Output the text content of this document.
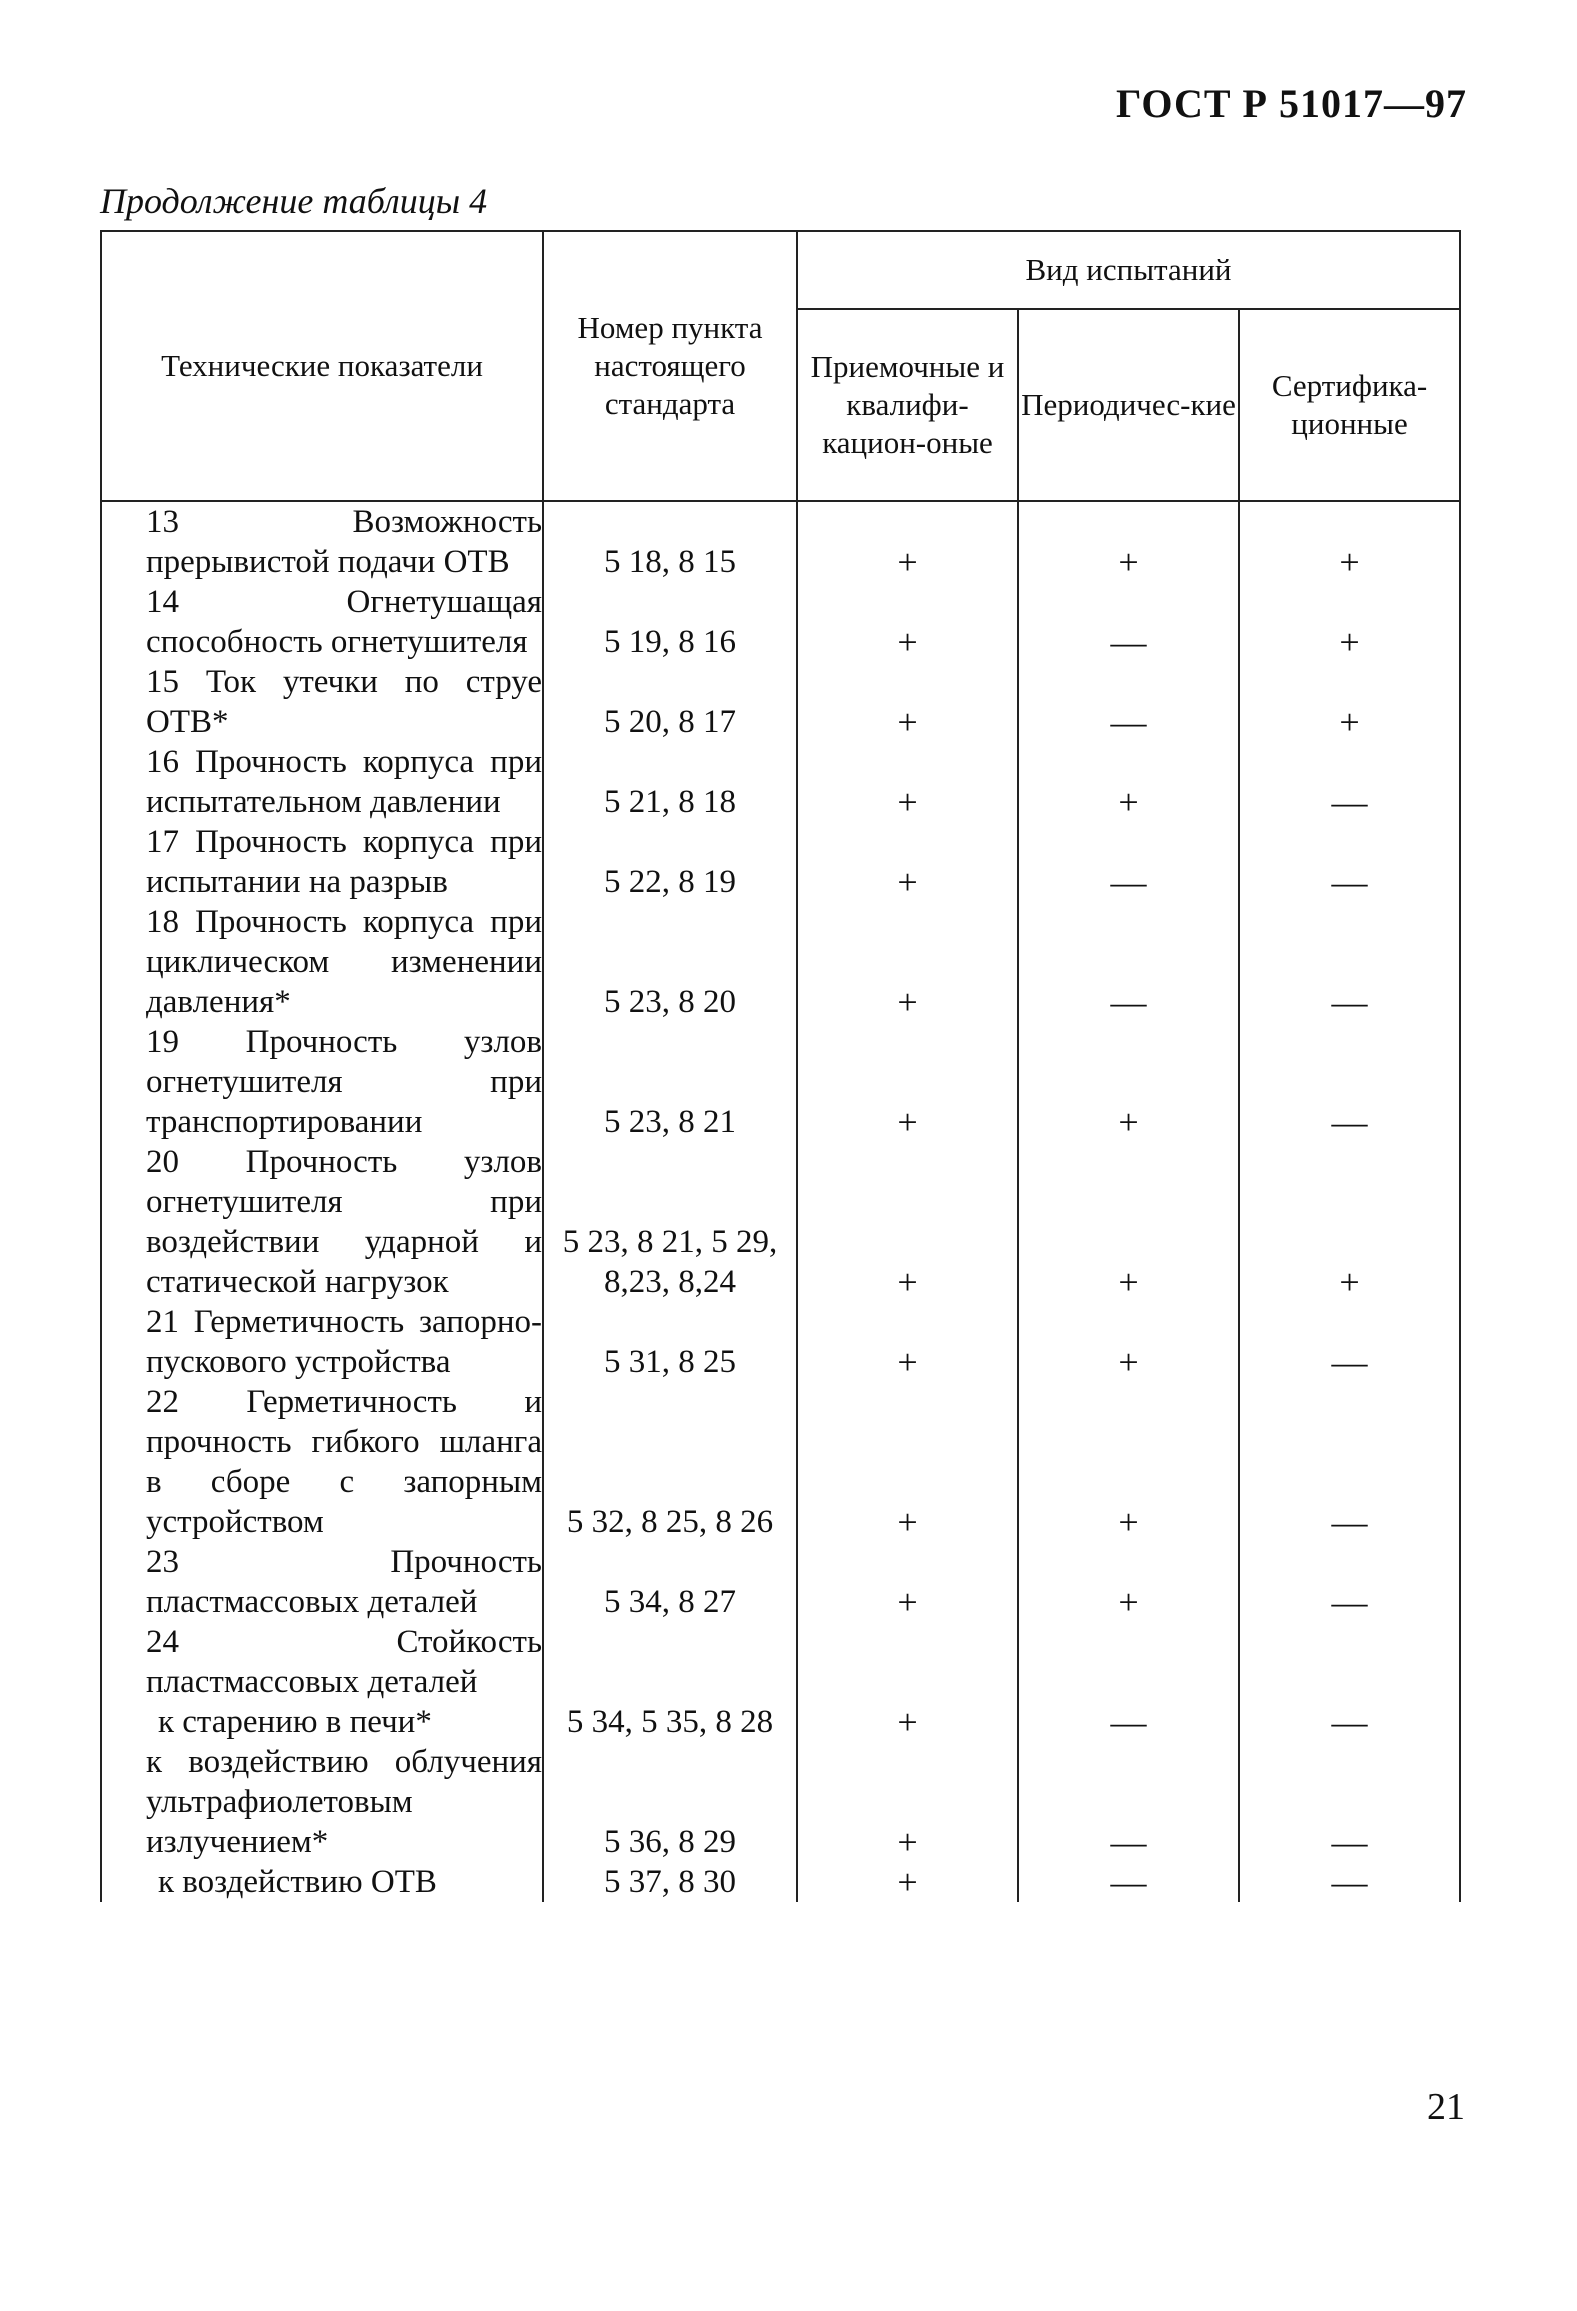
ГОСТ Р 51017—97
Продолжение таблицы 4
Технические показатели	Номер пункта настоящего стандарта	Вид испытаний		
		Приемочные и квалифи-кацион-оные	Периодичес-кие	Сертифика-ционные

13 Возможность прерывистой подачи ОТВ	5 18, 8 15	+	+	+

14 Огнетушащая способность огнетушителя	5 19, 8 16	+	—	+

15 Ток утечки по струе ОТВ*	5 20, 8 17	+	—	+

16 Прочность корпуса при испытательном давлении	5 21, 8 18	+	+	—

17 Прочность корпуса при испытании на разрыв	5 22, 8 19	+	—	—

18 Прочность корпуса при циклическом изменении давления*	5 23, 8 20	+	—	—

19 Прочность узлов огнетушителя при транспортировании	5 23, 8 21	+	+	—

20 Прочность узлов огнетушителя при воздействии ударной и статической нагрузок	5 23, 8 21, 5 29, 8,23, 8,24	+	+	+

21 Герметичность запорно-пускового устройства	5 31, 8 25	+	+	—

22 Герметичность и прочность гибкого шланга в сборе с запорным устройством	5 32, 8 25, 8 26	+	+	—

23 Прочность пластмассовых деталей	5 34, 8 27	+	+	—

24 Стойкость пластмассовых деталей				

к старению в печи*	5 34, 5 35, 8 28	+	—	—

к воздействию облучения ультрафиолетовым излучением*	5 36, 8 29	+	—	—
к воздействию ОТВ	5 37, 8 30	+	—	—
21
